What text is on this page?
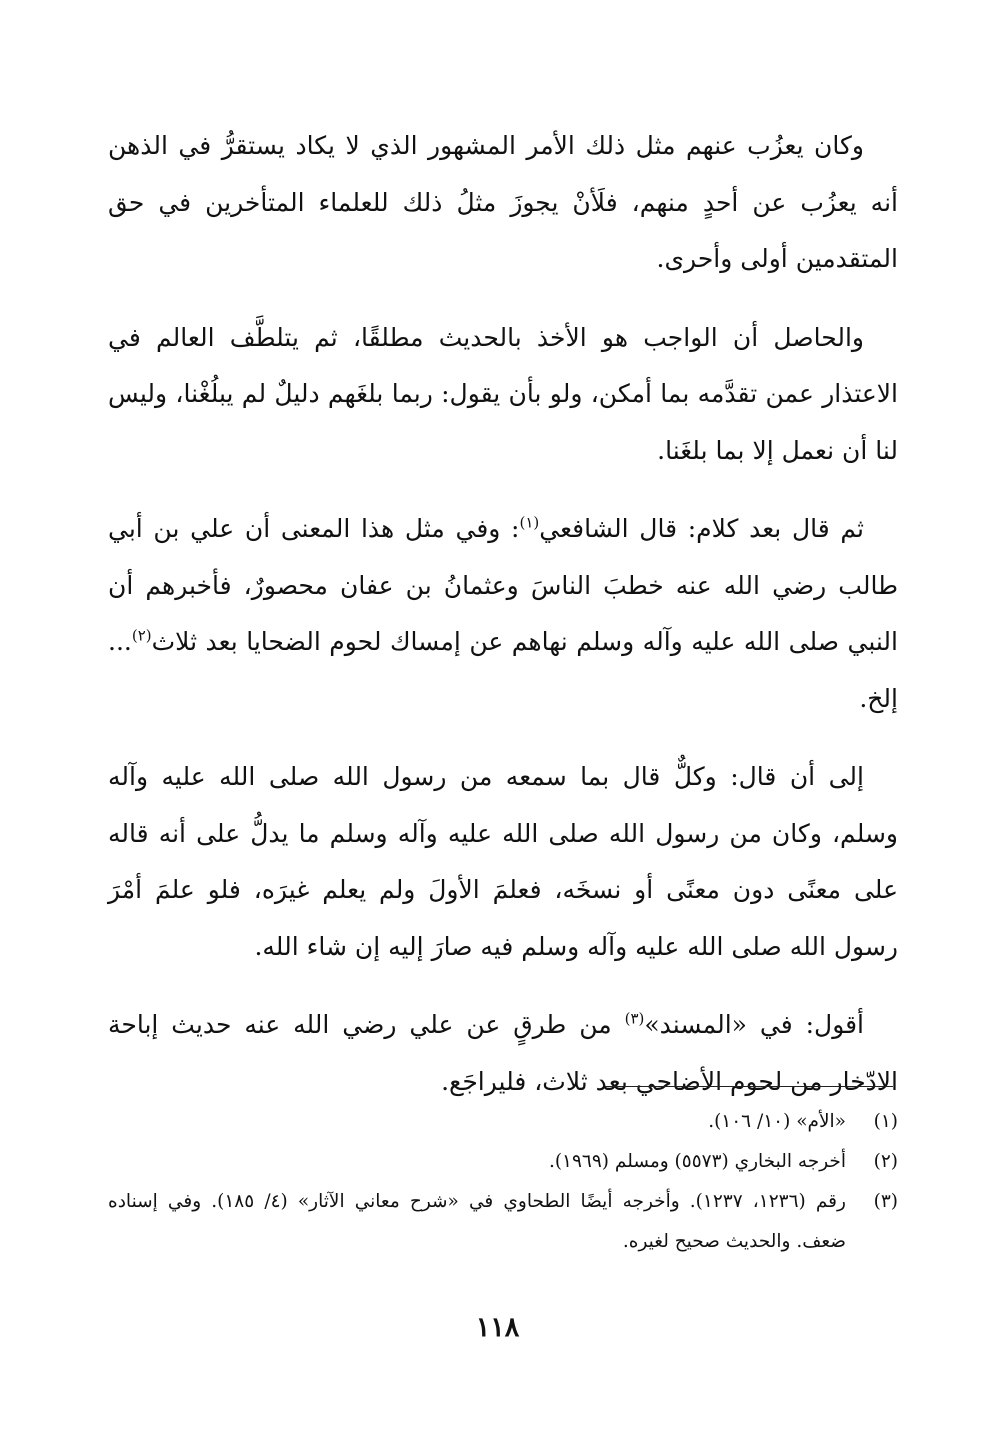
وكان يعزُب عنهم مثل ذلك الأمر المشهور الذي لا يكاد يستقرُّ في الذهن أنه يعزُب عن أحدٍ منهم، فلَأنْ يجوزَ مثلُ ذلك للعلماء المتأخرين في حق المتقدمين أولى وأحرى.

والحاصل أن الواجب هو الأخذ بالحديث مطلقًا، ثم يتلطَّف العالم في الاعتذار عمن تقدَّمه بما أمكن، ولو بأن يقول: ربما بلغَهم دليلٌ لم يبلُغْنا، وليس لنا أن نعمل إلا بما بلغَنا.

ثم قال بعد كلام: قال الشافعي$^{(١)}$: وفي مثل هذا المعنى أن علي بن أبي طالب رضي الله عنه خطبَ الناسَ وعثمانُ بن عفان محصورٌ، فأخبرهم أن النبي صلى الله عليه وآله وسلم نهاهم عن إمساك لحوم الضحايا بعد ثلاث$^{(٢)}$... إلخ.

إلى أن قال: وكلٌّ قال بما سمعه من رسول الله صلى الله عليه وآله وسلم، وكان من رسول الله صلى الله عليه وآله وسلم ما يدلُّ على أنه قاله على معنًى دون معنًى أو نسخَه، فعلمَ الأولَ ولم يعلم غيرَه، فلو علمَ أمْرَ رسول الله صلى الله عليه وآله وسلم فيه صارَ إليه إن شاء الله.

أقول: في «المسند»$^{(٣)}$ من طرقٍ عن علي رضي الله عنه حديث إباحة الادّخار من لحوم الأضاحي بعد ثلاث، فليراجَع.

(١)
«الأم» (١٠/ ١٠٦).
(٢)
أخرجه البخاري (٥٥٧٣) ومسلم (١٩٦٩).
(٣)
رقم (١٢٣٦، ١٢٣٧). وأخرجه أيضًا الطحاوي في «شرح معاني الآثار» (٤/ ١٨٥). وفي إسناده ضعف. والحديث صحيح لغيره.
١١٨
